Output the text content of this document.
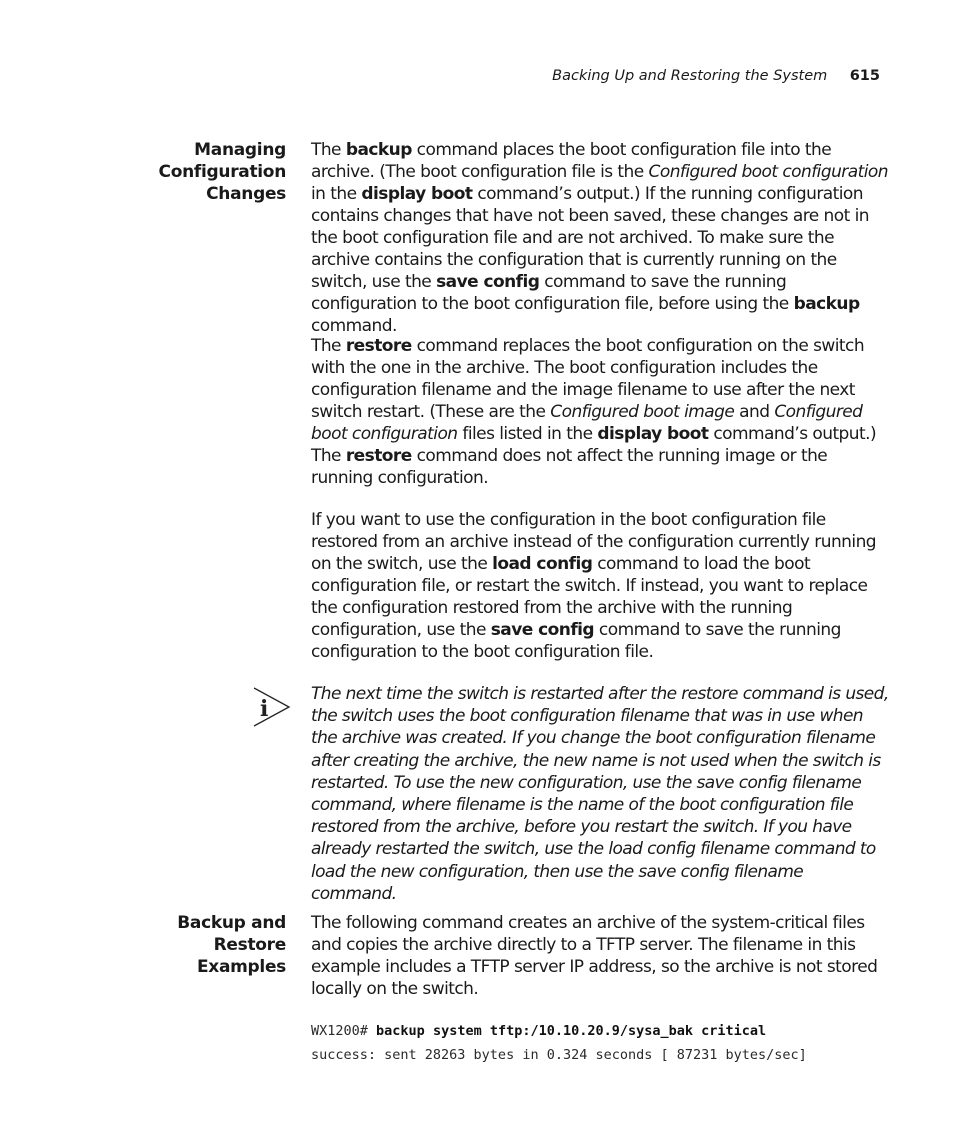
Backing Up and Restoring the System 615
Managing
Configuration
Changes

The backup command places the boot configuration file into the archive. (The boot configuration file is the Configured boot configuration in the display boot command’s output.) If the running configuration contains changes that have not been saved, these changes are not in the boot configuration file and are not archived. To make sure the archive contains the configuration that is currently running on the switch, use the save config command to save the running configuration to the boot configuration file, before using the backup command.

The restore command replaces the boot configuration on the switch with the one in the archive. The boot configuration includes the configuration filename and the image filename to use after the next switch restart. (These are the Configured boot image and Configured boot configuration files listed in the display boot command’s output.) The restore command does not affect the running image or the running configuration.

If you want to use the configuration in the boot configuration file restored from an archive instead of the configuration currently running on the switch, use the load config command to load the boot configuration file, or restart the switch. If instead, you want to replace the configuration restored from the archive with the running configuration, use the save config command to save the running configuration to the boot configuration file.

i

The next time the switch is restarted after the restore command is used, the switch uses the boot configuration filename that was in use when the archive was created. If you change the boot configuration filename after creating the archive, the new name is not used when the switch is restarted. To use the new configuration, use the save config filename command, where filename is the name of the boot configuration file restored from the archive, before you restart the switch. If you have already restarted the switch, use the load config filename command to load the new configuration, then use the save config filename command.

Backup and Restore
Examples

The following command creates an archive of the system-critical files and copies the archive directly to a TFTP server. The filename in this example includes a TFTP server IP address, so the archive is not stored locally on the switch.

WX1200# backup system tftp:/10.10.20.9/sysa_bak critical
success: sent 28263 bytes in 0.324 seconds [ 87231 bytes/sec]
